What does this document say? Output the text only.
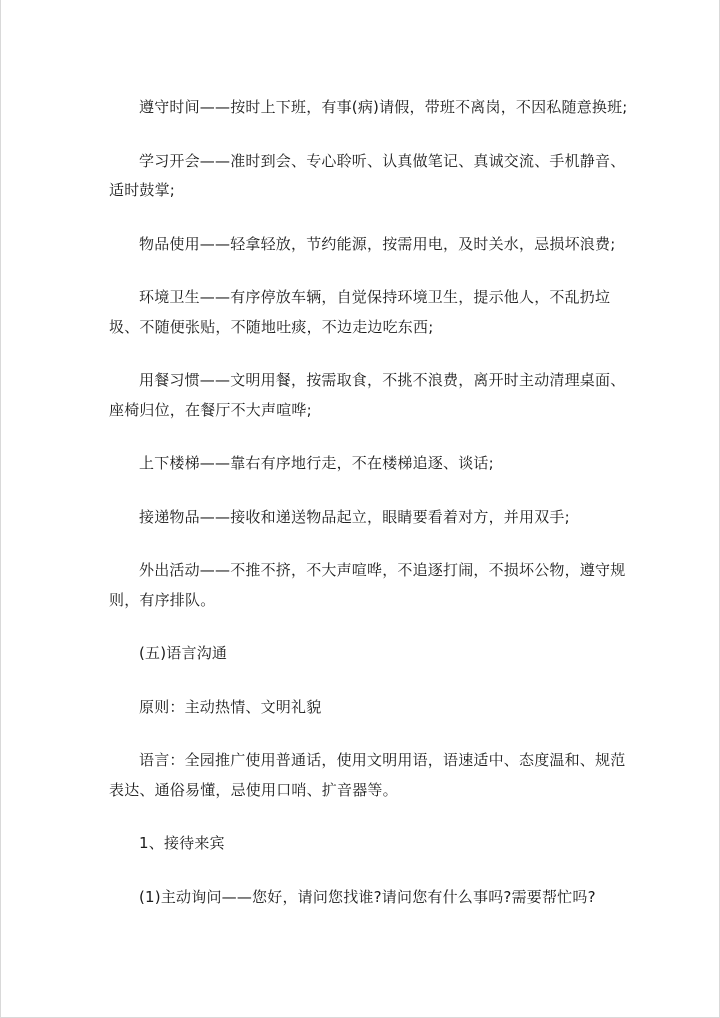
遵守时间——按时上下班，有事(病)请假，带班不离岗，不因私随意换班;

学习开会——准时到会、专心聆听、认真做笔记、真诚交流、手机静音、适时鼓掌;

物品使用——轻拿轻放，节约能源，按需用电，及时关水，忌损坏浪费;

环境卫生——有序停放车辆，自觉保持环境卫生，提示他人，不乱扔垃圾、不随便张贴，不随地吐痰，不边走边吃东西;

用餐习惯——文明用餐，按需取食，不挑不浪费，离开时主动清理桌面、座椅归位，在餐厅不大声喧哗;

上下楼梯——靠右有序地行走，不在楼梯追逐、谈话;

接递物品——接收和递送物品起立，眼睛要看着对方，并用双手;

外出活动——不推不挤，不大声喧哗，不追逐打闹，不损坏公物，遵守规则，有序排队。

(五)语言沟通

原则：主动热情、文明礼貌

语言：全园推广使用普通话，使用文明用语，语速适中、态度温和、规范表达、通俗易懂，忌使用口哨、扩音器等。

1、接待来宾

(1)主动询问——您好，请问您找谁?请问您有什么事吗?需要帮忙吗?
